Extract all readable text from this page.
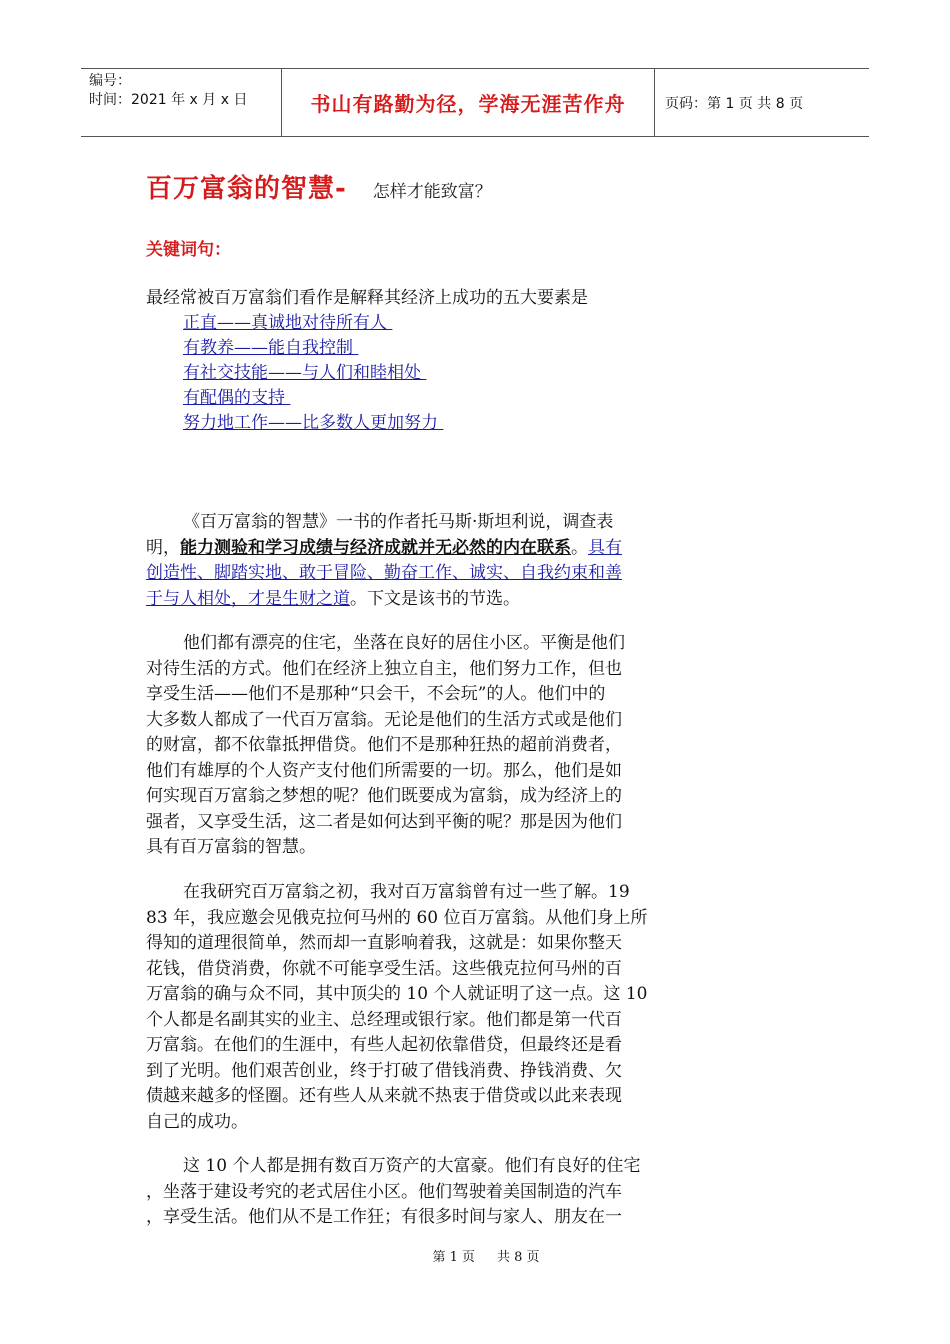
编号：
时间：2021 年 x 月 x 日	书山有路勤为径，学海无涯苦作舟	页码：第 1 页 共 8 页
百万富翁的智慧- 怎样才能致富？
关键词句：
最经常被百万富翁们看作是解释其经济上成功的五大要素是
正直——真诚地对待所有人
有教养——能自我控制
有社交技能——与人们和睦相处
有配偶的支持
努力地工作——比多数人更加努力
《百万富翁的智慧》一书的作者托马斯·斯坦利说，调查表
明，能力测验和学习成绩与经济成就并无必然的内在联系。具有
创造性、脚踏实地、敢于冒险、勤奋工作、诚实、自我约束和善
于与人相处，才是生财之道。下文是该书的节选。
他们都有漂亮的住宅，坐落在良好的居住小区。平衡是他们
对待生活的方式。他们在经济上独立自主，他们努力工作，但也
享受生活——他们不是那种“只会干，不会玩”的人。他们中的
大多数人都成了一代百万富翁。无论是他们的生活方式或是他们
的财富，都不依靠抵押借贷。他们不是那种狂热的超前消费者，
他们有雄厚的个人资产支付他们所需要的一切。那么，他们是如
何实现百万富翁之梦想的呢？他们既要成为富翁，成为经济上的
强者，又享受生活，这二者是如何达到平衡的呢？那是因为他们
具有百万富翁的智慧。
在我研究百万富翁之初，我对百万富翁曾有过一些了解。19
83 年，我应邀会见俄克拉何马州的 60 位百万富翁。从他们身上所
得知的道理很简单，然而却一直影响着我，这就是：如果你整天
花钱，借贷消费，你就不可能享受生活。这些俄克拉何马州的百
万富翁的确与众不同，其中顶尖的 10 个人就证明了这一点。这 10
个人都是名副其实的业主、总经理或银行家。他们都是第一代百
万富翁。在他们的生涯中，有些人起初依靠借贷，但最终还是看
到了光明。他们艰苦创业，终于打破了借钱消费、挣钱消费、欠
债越来越多的怪圈。还有些人从来就不热衷于借贷或以此来表现
自己的成功。
这 10 个人都是拥有数百万资产的大富豪。他们有良好的住宅
，坐落于建设考究的老式居住小区。他们驾驶着美国制造的汽车
，享受生活。他们从不是工作狂；有很多时间与家人、朋友在一
第 1 页 共 8 页
